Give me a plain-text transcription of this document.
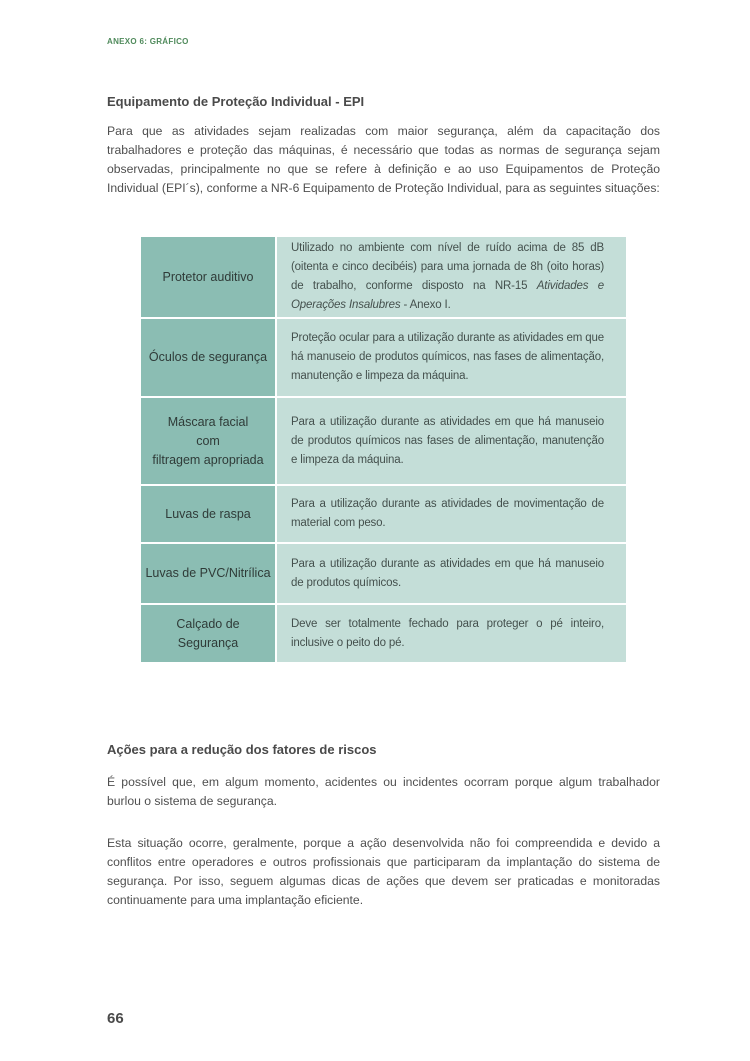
ANEXO 6: GRÁFICO
Equipamento de Proteção Individual - EPI

Para que as atividades sejam realizadas com maior segurança, além da capacitação dos trabalhadores e proteção das máquinas, é necessário que todas as normas de segurança sejam observadas, principalmente no que se refere à definição e ao uso Equipamentos de Proteção Individual (EPI´s), conforme a NR-6 Equipamento de Proteção Individual, para as seguintes situações:

Protetor auditivo	Utilizado no ambiente com nível de ruído acima de 85 dB (oitenta e cinco decibéis) para uma jornada de 8h (oito horas) de trabalho, conforme disposto na NR-15 Atividades e Operações Insalubres - Anexo I.
Óculos de segurança	Proteção ocular para a utilização durante as atividades em que há manuseio de produtos químicos, nas fases de alimentação, manutenção e limpeza da máquina.

Máscara facial
com
filtragem apropriada	Para a utilização durante as atividades em que há manuseio de produtos químicos nas fases de alimentação, manutenção e limpeza da máquina.
Luvas de raspa	Para a utilização durante as atividades de movimentação de material com peso.
Luvas de PVC/Nitrílica	Para a utilização durante as atividades em que há manuseio de produtos químicos.
Calçado de Segurança	Deve ser totalmente fechado para proteger o pé inteiro, inclusive o peito do pé.
Ações para a redução dos fatores de riscos

É possível que, em algum momento, acidentes ou incidentes ocorram porque algum trabalhador burlou o sistema de segurança.

Esta situação ocorre, geralmente, porque a ação desenvolvida não foi compreendida e devido a conflitos entre operadores e outros profissionais que participaram da implantação do sistema de segurança. Por isso, seguem algumas dicas de ações que devem ser praticadas e monitoradas continuamente para uma implantação eficiente.

66
